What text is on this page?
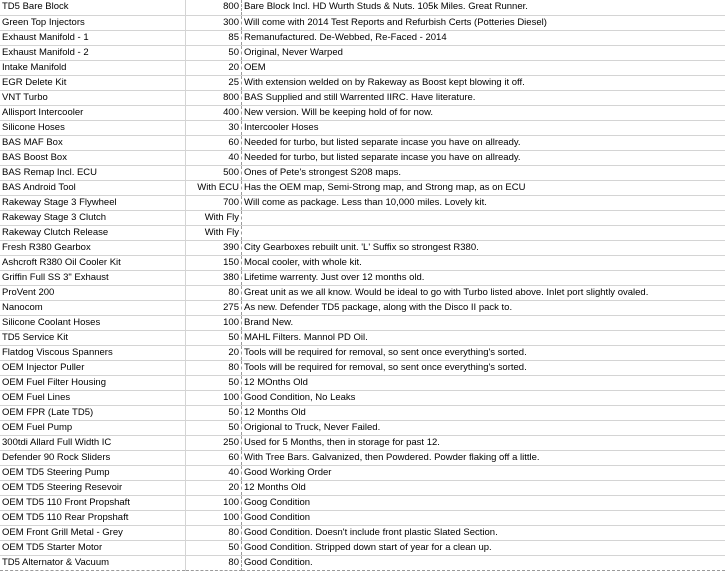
TD5 Bare Block	800	Bare Block Incl. HD Wurth Studs & Nuts. 105k Miles. Great Runner.
Green Top Injectors	300	Will come with 2014 Test Reports and Refurbish Certs (Potteries Diesel)
Exhaust Manifold - 1	85	Remanufactured. De-Webbed, Re-Faced - 2014
Exhaust Manifold - 2	50	Original, Never Warped
Intake Manifold	20	OEM
EGR Delete Kit	25	With extension welded on by Rakeway as Boost kept blowing it off.
VNT Turbo	800	BAS Supplied and still Warrented IIRC. Have literature.
Allisport Intercooler	400	New version. Will be keeping hold of for now.
Silicone Hoses	30	Intercooler Hoses
BAS MAF Box	60	Needed for turbo, but listed separate incase you have on allready.
BAS Boost Box	40	Needed for turbo, but listed separate incase you have on allready.
BAS Remap Incl. ECU	500	Ones of Pete's strongest S208 maps.
BAS Android Tool	With ECU	Has the OEM map, Semi-Strong map, and Strong map, as on ECU
Rakeway Stage 3 Flywheel	700	Will come as package. Less than 10,000 miles. Lovely kit.
Rakeway Stage 3 Clutch	With Fly	
Rakeway Clutch Release	With Fly	
Fresh R380 Gearbox	390	City Gearboxes rebuilt unit. 'L' Suffix so strongest R380.
Ashcroft R380 Oil Cooler Kit	150	Mocal cooler, with whole kit.
Griffin Full SS 3" Exhaust	380	Lifetime warrenty. Just over 12 months old.
ProVent 200	80	Great unit as we all know. Would be ideal to go with Turbo listed above. Inlet port slightly ovaled.
Nanocom	275	As new. Defender TD5 package, along with the Disco II pack to.
Silicone Coolant Hoses	100	Brand New.
TD5 Service Kit	50	MAHL Filters. Mannol PD Oil.
Flatdog Viscous Spanners	20	Tools will be required for removal, so sent once everything's sorted.
OEM Injector Puller	80	Tools will be required for removal, so sent once everything's sorted.
OEM Fuel Filter Housing	50	12 MOnths Old
OEM Fuel Lines	100	Good Condition, No Leaks
OEM FPR (Late TD5)	50	12 Months Old
OEM Fuel Pump	50	Origional to Truck, Never Failed.
300tdi Allard Full Width IC	250	Used for 5 Months, then in storage for past 12.
Defender 90 Rock Sliders	60	With Tree Bars. Galvanized, then Powdered. Powder flaking off a little.
OEM TD5 Steering Pump	40	Good Working Order
OEM TD5 Steering Resevoir	20	12 Months Old
OEM TD5 110 Front Propshaft	100	Goog Condition
OEM TD5 110 Rear Propshaft	100	Good Condition
OEM Front Grill Metal - Grey	80	Good Condition. Doesn't include front plastic Slated Section.
OEM TD5 Starter Motor	50	Good Condition. Stripped down start of year for a clean up.
TD5 Alternator & Vacuum	80	Good Condition.
